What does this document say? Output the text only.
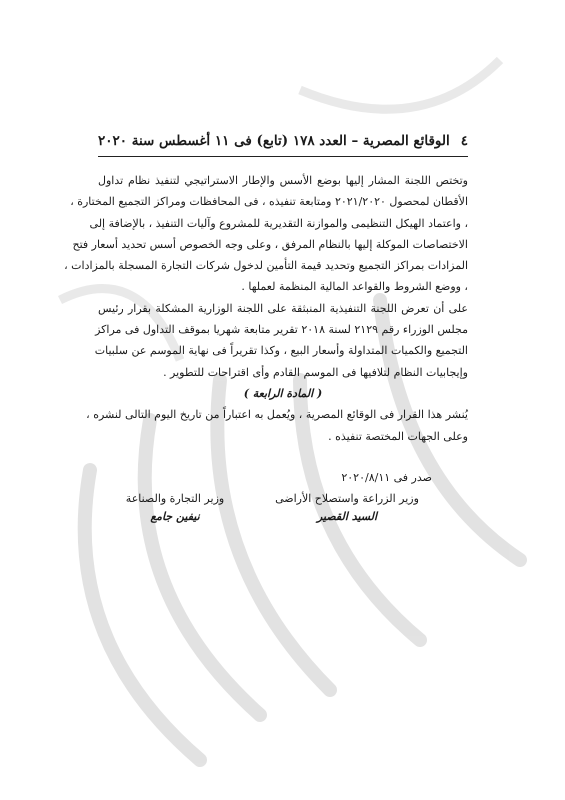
٤
الوقائع المصرية – العدد ١٧٨ (تابع) فى ١١ أغسطس سنة ٢٠٢٠

وتختص اللجنة المشار إليها بوضع الأسس والإطار الاستراتيجي لتنفيذ نظام تداول
الأقطان لمحصول ٢٠٢١/٢٠٢٠ ومتابعة تنفيذه ، فى المحافظات ومراكز التجميع المختارة ،
، واعتماد الهيكل التنظيمى والموازنة التقديرية للمشروع وآليات التنفيذ ، بالإضافة إلى
الاختصاصات الموكلة إليها بالنظام المرفق ، وعلى وجه الخصوص أسس تحديد أسعار فتح
المزادات بمراكز التجميع وتحديد قيمة التأمين لدخول شركات التجارة المسجلة بالمزادات ،
، ووضع الشروط والقواعد المالية المنظمة لعملها .

على أن تعرض اللجنة التنفيذية المنبثقة على اللجنة الوزارية المشكلة بقرار رئيس
مجلس الوزراء رقم ٢١٢٩ لسنة ٢٠١٨ تقرير متابعة شهريا بموقف التداول فى مراكز
التجميع والكميات المتداولة وأسعار البيع ، وكذا تقريراً فى نهاية الموسم عن سلبيات
وإيجابيات النظام لتلافيها فى الموسم القادم وأى اقتراحات للتطوير .

( المادة الرابعة )

يُنشر هذا القرار فى الوقائع المصرية ، ويُعمل به اعتباراً من تاريخ اليوم التالى لنشره ،
وعلى الجهات المختصة تنفيذه .

صدر فى ٢٠٢٠/٨/١١
وزير الزراعة واستصلاح الأراضى
السيد القصير
وزير التجارة والصناعة
نيفين جامع
